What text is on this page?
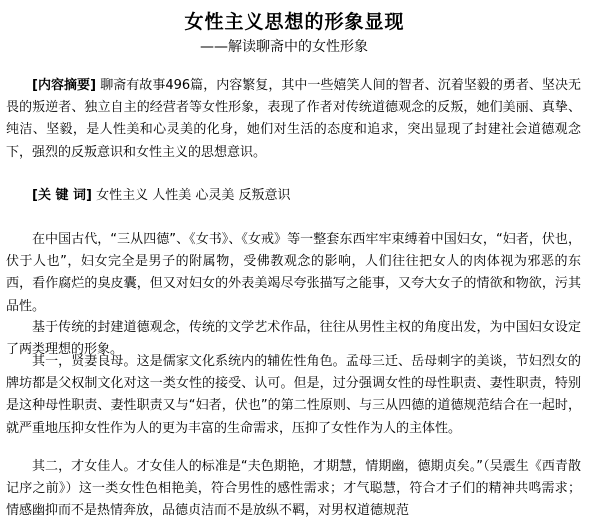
女性主义思想的形象显现
——解读聊斋中的女性形象

[内容摘要] 聊斋有故事496篇，内容繁复，其中一些嬉笑人间的智者、沉着坚毅的勇者、坚决无畏的叛逆者、独立自主的经营者等女性形象，表现了作者对传统道德观念的反叛，她们美丽、真挚、纯洁、坚毅，是人性美和心灵美的化身，她们对生活的态度和追求，突出显现了封建社会道德观念下，强烈的反叛意识和女性主义的思想意识。

[关 键 词] 女性主义 人性美 心灵美 反叛意识

在中国古代，“三从四德”、《女书》、《女戒》等一整套东西牢牢束缚着中国妇女，“妇者，伏也，伏于人也”，妇女完全是男子的附属物，受佛教观念的影响，人们往往把女人的肉体视为邪恶的东西，看作腐烂的臭皮囊，但又对妇女的外表美竭尽夸张描写之能事，又夸大女子的情欲和物欲，污其品性。

基于传统的封建道德观念，传统的文学艺术作品，往往从男性主权的角度出发，为中国妇女设定了两类理想的形象。

其一，贤妻良母。这是儒家文化系统内的辅佐性角色。孟母三迁、岳母刺字的美谈，节妇烈女的牌坊都是父权制文化对这一类女性的接受、认可。但是，过分强调女性的母性职责、妻性职责，特别是这种母性职责、妻性职责又与“妇者，伏也”的第二性原则、与三从四德的道德规范结合在一起时，就严重地压抑女性作为人的更为丰富的生命需求，压抑了女性作为人的主体性。

其二，才女佳人。才女佳人的标准是“夫色期艳，才期慧，情期幽，德期贞矣。”（吴震生《西青散记序之前》）这一类女性色相艳美，符合男性的感性需求；才气聪慧，符合才子们的精神共鸣需求；情感幽抑而不是热情奔放，品德贞洁而不是放纵不羁，对男权道德规范
